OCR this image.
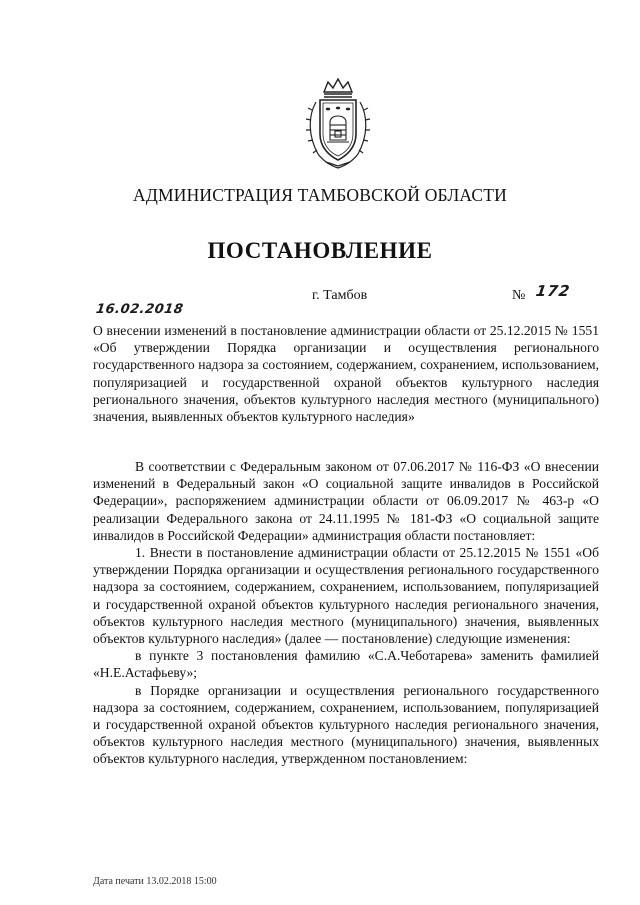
АДМИНИСТРАЦИЯ ТАМБОВСКОЙ ОБЛАСТИ
ПОСТАНОВЛЕНИЕ
16.02.2018
г. Тамбов	№ 172

О внесении изменений в постановление администрации области от 25.12.2015 № 1551 «Об утверждении Порядка организации и осуществления регионального государственного надзора за состоянием, содержанием, сохранением, использованием, популяризацией и государственной охраной объектов культурного наследия регионального значения, объектов культурного наследия местного (муниципального) значения, выявленных объектов культурного наследия»

В соответствии с Федеральным законом от 07.06.2017 № 116-ФЗ «О внесении изменений в Федеральный закон «О социальной защите инвалидов в Российской Федерации», распоряжением администрации области от 06.09.2017 № 463-р «О реализации Федерального закона от 24.11.1995 № 181-ФЗ «О социальной защите инвалидов в Российской Федерации» администрация области постановляет:

1. Внести в постановление администрации области от 25.12.2015 № 1551 «Об утверждении Порядка организации и осуществления регионального государственного надзора за состоянием, содержанием, сохранением, использованием, популяризацией и государственной охраной объектов культурного наследия регионального значения, объектов культурного наследия местного (муниципального) значения, выявленных объектов культурного наследия» (далее — постановление) следующие изменения:

в пункте 3 постановления фамилию «С.А.Чеботарева» заменить фамилией «Н.Е.Астафьеву»;

в Порядке организации и осуществления регионального государственного надзора за состоянием, содержанием, сохранением, использованием, популяризацией и государственной охраной объектов культурного наследия регионального значения, объектов культурного наследия местного (муниципального) значения, выявленных объектов культурного наследия, утвержденном постановлением:

Дата печати 13.02.2018 15:00
